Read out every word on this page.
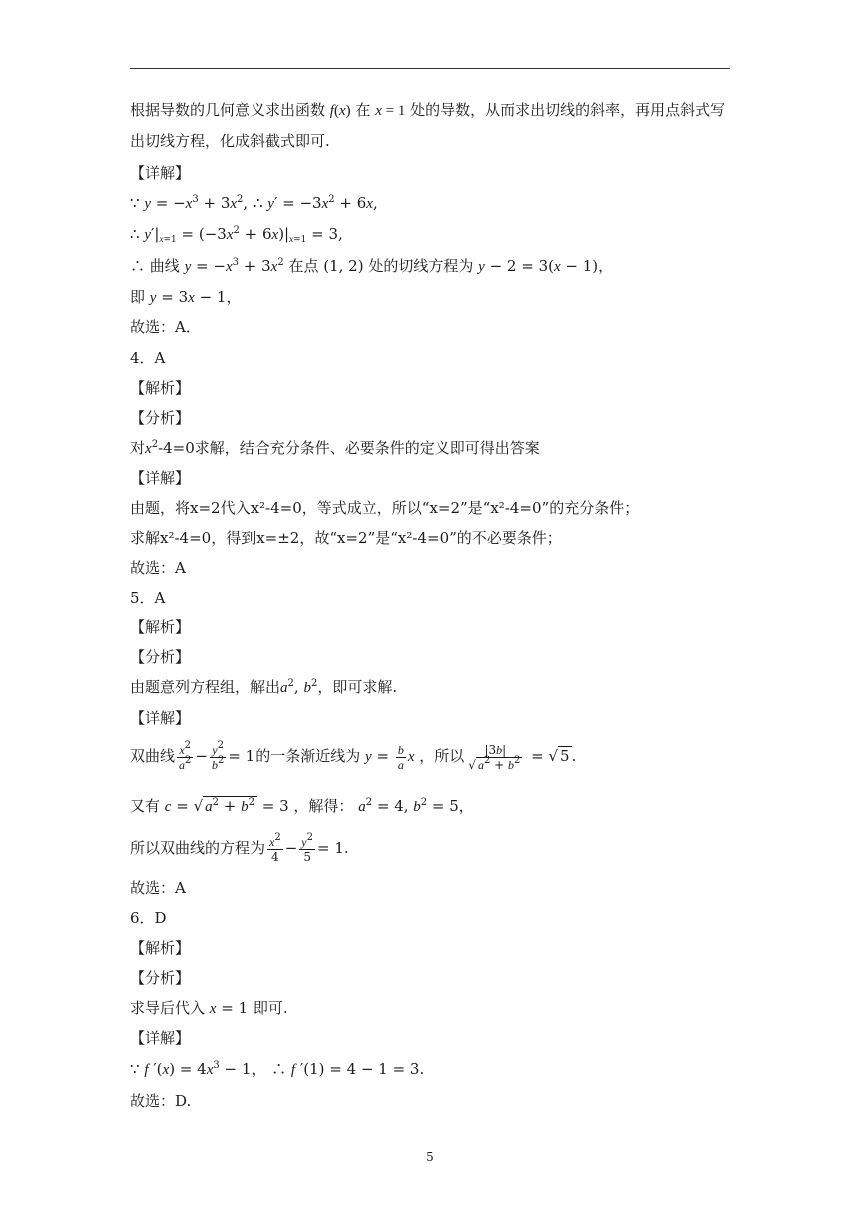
根据导数的几何意义求出函数 f(x) 在 x = 1 处的导数，从而求出切线的斜率，再用点斜式写
出切线方程，化成斜截式即可.
【详解】
∵ $y = -x^3 + 3x^2$, ∴ $y' = -3x^2 + 6x$,
∴ $y'|_{x=1} = (-3x^2 + 6x)|_{x=1} = 3$,
∴ 曲线 $y = -x^3 + 3x^2$ 在点 (1, 2) 处的切线方程为 y − 2 = 3(x − 1)，
即 y = 3x − 1，
故选：A．
4．A
【解析】
【分析】
对$x^2-4=0$求解，结合充分条件、必要条件的定义即可得出答案
【详解】
由题，将x=2代入x²-4=0，等式成立，所以“x=2”是“x²-4=0”的充分条件；
求解x²-4=0，得到x=±2，故“x=2”是“x²-4=0”的不必要条件；
故选：A
5．A
【解析】
【分析】
由题意列方程组，解出$a^2$, $b^2$，即可求解.
【详解】
双曲线 $\frac{x^2}{a^2} - \frac{y^2}{b^2} = 1$的一条渐近线为 $y = \frac{b}{a}$ x ，所以 $\frac{|3b|}{√ a^2 + b^2}$ = √ 5 .
又有 c = √ $a^2 + b^2 = 3$ ，解得： $a^2 = 4$, $b^2 = 5$，
所以双曲线的方程为 $\frac{x^2}{4} - \frac{y^2}{5} = 1$.
故选：A
6．D
【解析】
【分析】
求导后代入 x = 1 即可.
【详解】
∵ f $'(x) = 4x^3 - 1$， ∴ f ′(1) = 4 − 1 = 3.
故选：D.
5
